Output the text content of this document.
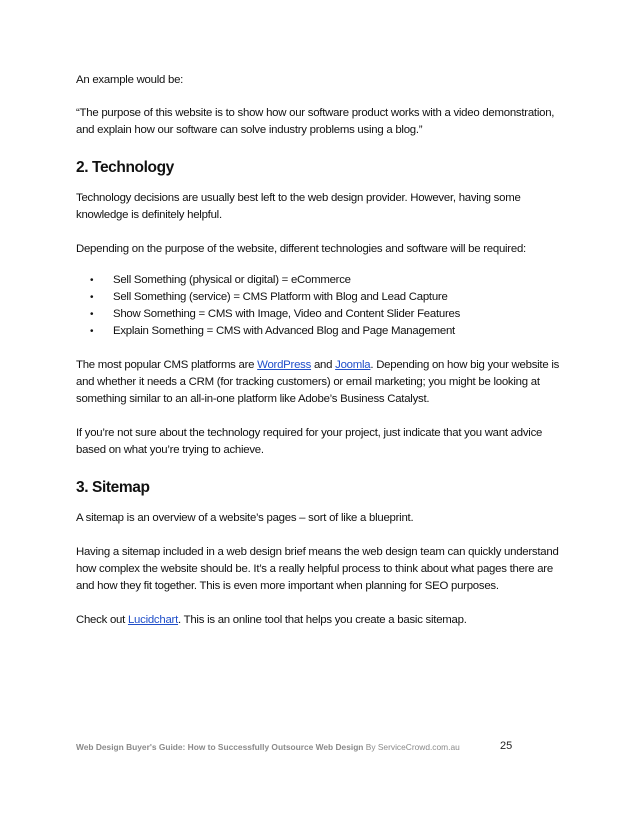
An example would be:

“The purpose of this website is to show how our software product works with a video demonstration, and explain how our software can solve industry problems using a blog.”

2. Technology

Technology decisions are usually best left to the web design provider. However, having some knowledge is definitely helpful.

Depending on the purpose of the website, different technologies and software will be required:

• Sell Something (physical or digital) = eCommerce
• Sell Something (service) = CMS Platform with Blog and Lead Capture
• Show Something = CMS with Image, Video and Content Slider Features
• Explain Something = CMS with Advanced Blog and Page Management

The most popular CMS platforms are WordPress and Joomla. Depending on how big your website is and whether it needs a CRM (for tracking customers) or email marketing; you might be looking at something similar to an all-in-one platform like Adobe’s Business Catalyst.

If you’re not sure about the technology required for your project, just indicate that you want advice based on what you’re trying to achieve.

3. Sitemap

A sitemap is an overview of a website’s pages – sort of like a blueprint.

Having a sitemap included in a web design brief means the web design team can quickly understand how complex the website should be. It’s a really helpful process to think about what pages there are and how they fit together. This is even more important when planning for SEO purposes.

Check out Lucidchart. This is an online tool that helps you create a basic sitemap.

Web Design Buyer's Guide: How to Successfully Outsource Web Design By ServiceCrowd.com.au	25
